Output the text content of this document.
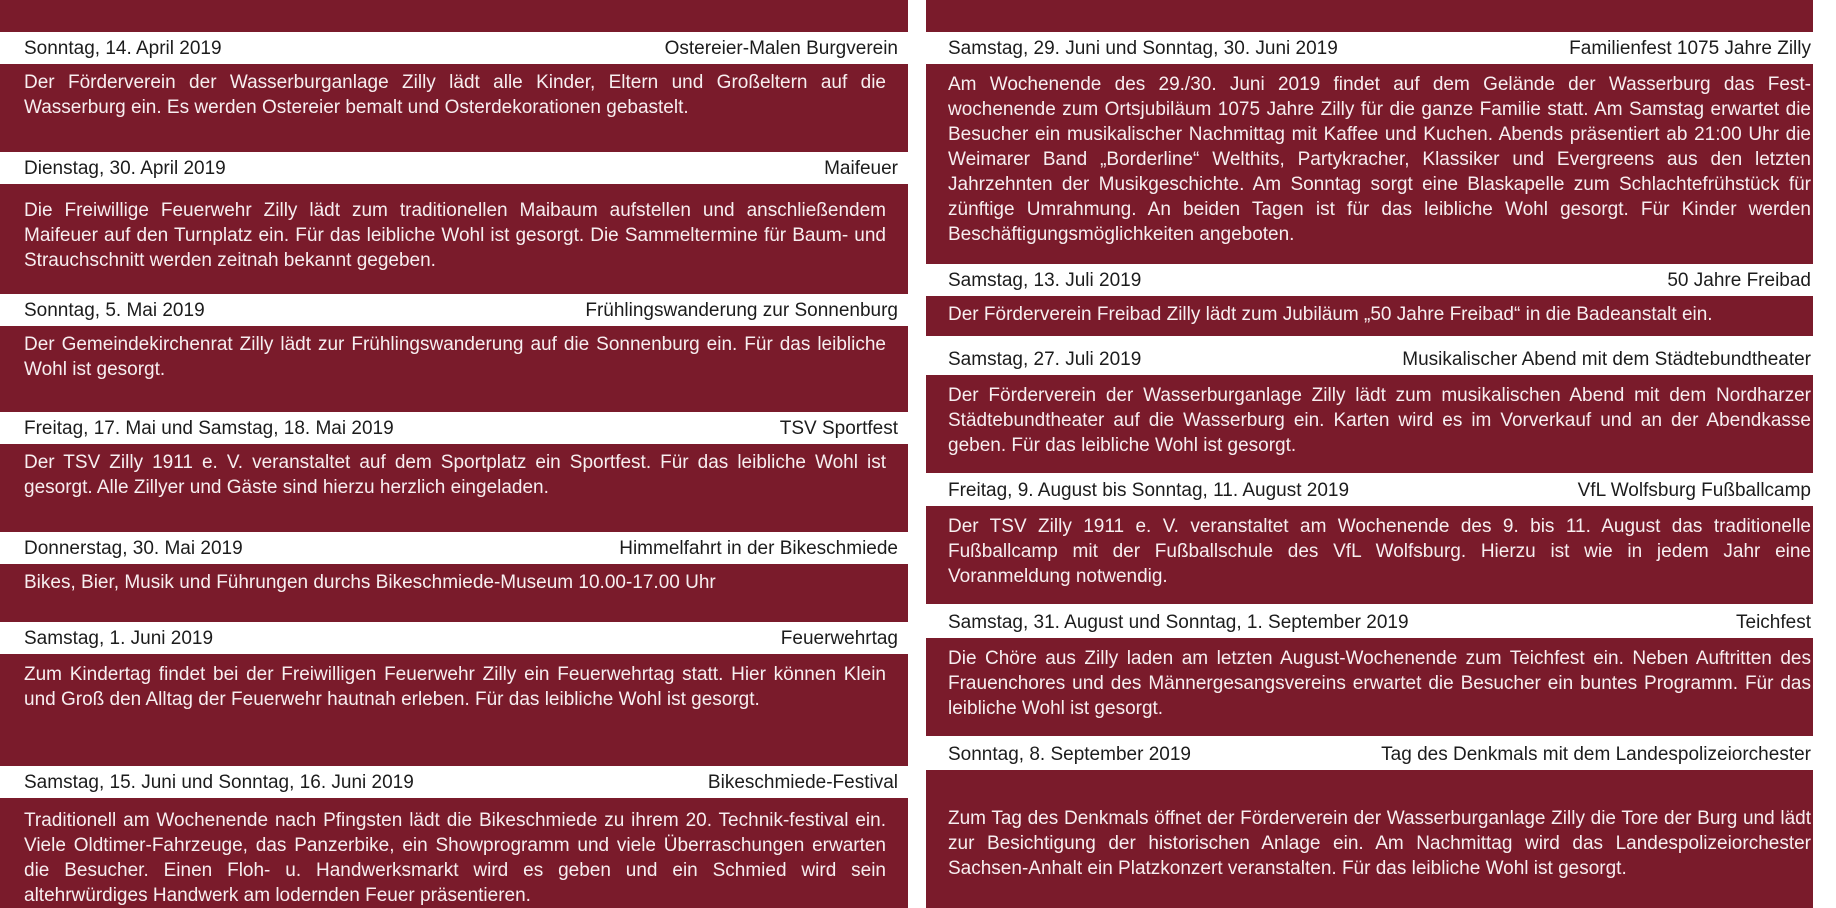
Sonntag, 14. April 2019	Ostereier-Malen Burgverein
Der Förderverein der Wasserburganlage Zilly lädt alle Kinder, Eltern und Großeltern auf die Wasserburg ein. Es werden Ostereier bemalt und Osterdekorationen gebastelt.
Dienstag, 30. April 2019	Maifeuer
Die Freiwillige Feuerwehr Zilly lädt zum traditionellen Maibaum aufstellen und anschließendem Maifeuer auf den Turnplatz ein. Für das leibliche Wohl ist gesorgt. Die Sammeltermine für Baum- und Strauchschnitt werden zeitnah bekannt gegeben.
Sonntag, 5. Mai 2019	Frühlingswanderung zur Sonnenburg
Der Gemeindekirchenrat Zilly lädt zur Frühlingswanderung auf die Sonnenburg ein. Für das leibliche Wohl ist gesorgt.
Freitag, 17. Mai und Samstag, 18. Mai 2019	TSV Sportfest
Der TSV Zilly 1911 e. V. veranstaltet auf dem Sportplatz ein Sportfest. Für das leibliche Wohl ist gesorgt. Alle Zillyer und Gäste sind hierzu herzlich eingeladen.
Donnerstag, 30. Mai 2019	Himmelfahrt in der Bikeschmiede
Bikes, Bier, Musik und Führungen durchs Bikeschmiede-Museum 10.00-17.00 Uhr
Samstag, 1. Juni 2019	Feuerwehrtag
Zum Kindertag findet bei der Freiwilligen Feuerwehr Zilly ein Feuerwehrtag statt. Hier können Klein und Groß den Alltag der Feuerwehr hautnah erleben. Für das leibliche Wohl ist gesorgt.
Samstag, 15. Juni und Sonntag, 16. Juni 2019	Bikeschmiede-Festival
Traditionell am Wochenende nach Pfingsten lädt die Bikeschmiede zu ihrem 20. Technik-festival ein. Viele Oldtimer-Fahrzeuge, das Panzerbike, ein Showprogramm und viele Überraschungen erwarten die Besucher. Einen Floh- u. Handwerksmarkt wird es geben und ein Schmied wird sein altehrwürdiges Handwerk am lodernden Feuer präsentieren.
Samstag, 29. Juni und Sonntag, 30. Juni 2019	Familienfest 1075 Jahre Zilly
Am Wochenende des 29./30. Juni 2019 findet auf dem Gelände der Wasserburg das Fest-wochenende zum Ortsjubiläum 1075 Jahre Zilly für die ganze Familie statt. Am Samstag erwartet die Besucher ein musikalischer Nachmittag mit Kaffee und Kuchen. Abends präsentiert ab 21:00 Uhr die Weimarer Band „Borderline“ Welthits, Partykracher, Klassiker und Evergreens aus den letzten Jahrzehnten der Musikgeschichte. Am Sonntag sorgt eine Blaskapelle zum Schlachtefrühstück für zünftige Umrahmung. An beiden Tagen ist für das leibliche Wohl gesorgt. Für Kinder werden Beschäftigungsmöglichkeiten angeboten.
Samstag, 13. Juli 2019	50 Jahre Freibad
Der Förderverein Freibad Zilly lädt zum Jubiläum „50 Jahre Freibad“ in die Badeanstalt ein.
Samstag, 27. Juli 2019	Musikalischer Abend mit dem Städtebundtheater
Der Förderverein der Wasserburganlage Zilly lädt zum musikalischen Abend mit dem Nordharzer Städtebundtheater auf die Wasserburg ein. Karten wird es im Vorverkauf und an der Abendkasse geben. Für das leibliche Wohl ist gesorgt.
Freitag, 9. August bis Sonntag, 11. August 2019	VfL Wolfsburg Fußballcamp
Der TSV Zilly 1911 e. V. veranstaltet am Wochenende des 9. bis 11. August das traditionelle Fußballcamp mit der Fußballschule des VfL Wolfsburg. Hierzu ist wie in jedem Jahr eine Voranmeldung notwendig.
Samstag, 31. August und Sonntag, 1. September 2019	Teichfest
Die Chöre aus Zilly laden am letzten August-Wochenende zum Teichfest ein. Neben Auftritten des Frauenchores und des Männergesangsvereins erwartet die Besucher ein buntes Programm. Für das leibliche Wohl ist gesorgt.
Sonntag, 8. September 2019	Tag des Denkmals mit dem Landespolizeiorchester
Zum Tag des Denkmals öffnet der Förderverein der Wasserburganlage Zilly die Tore der Burg und lädt zur Besichtigung der historischen Anlage ein. Am Nachmittag wird das Landespolizeiorchester Sachsen-Anhalt ein Platzkonzert veranstalten. Für das leibliche Wohl ist gesorgt.
